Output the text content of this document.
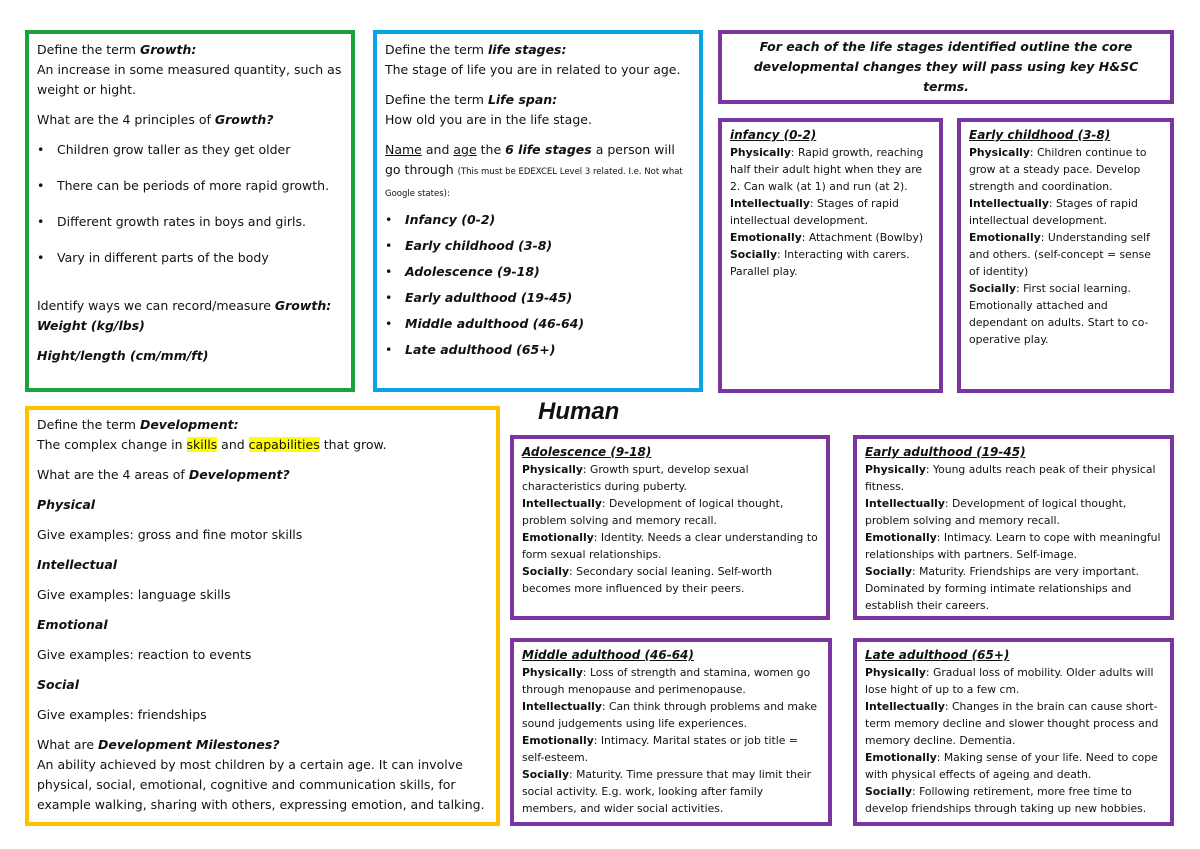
Define the term Growth:

An increase in some measured quantity, such as weight or hight.

What are the 4 principles of Growth?

•	Children grow taller as they get older
•	There can be periods of more rapid growth.
•	Different growth rates in boys and girls.
•	Vary in different parts of the body

Identify ways we can record/measure Growth:

Weight (kg/lbs)

Hight/length (cm/mm/ft)

Define the term life stages:

The stage of life you are in related to your age.

Define the term Life span:

How old you are in the life stage.

Name and age the 6 life stages a person will go through (This must be EDEXCEL Level 3 related. I.e. Not what Google states):

•	Infancy (0-2)
•	Early childhood (3-8)
•	Adolescence (9-18)
•	Early adulthood (19-45)
•	Middle adulthood (46-64)
•	Late adulthood (65+)
For each of the life stages identified outline the core developmental changes they will pass using key H&SC terms.

infancy (0-2)

Physically: Rapid growth, reaching half their adult hight when they are 2. Can walk (at 1) and run (at 2).

Intellectually: Stages of rapid intellectual development.

Emotionally: Attachment (Bowlby)

Socially: Interacting with carers. Parallel play.

Early childhood (3-8)

Physically: Children continue to grow at a steady pace. Develop strength and coordination.

Intellectually: Stages of rapid intellectual development.

Emotionally: Understanding self and others. (self-concept = sense of identity)

Socially: First social learning. Emotionally attached and dependant on adults. Start to co-operative play.

Define the term Development:

The complex change in skills and capabilities that grow.

What are the 4 areas of Development?

Physical

Give examples: gross and fine motor skills

Intellectual

Give examples: language skills

Emotional

Give examples: reaction to events

Social

Give examples: friendships

What are Development Milestones?

An ability achieved by most children by a certain age. It can involve physical, social, emotional, cognitive and communication skills, for example walking, sharing with others, expressing emotion, and talking.

Human

Adolescence (9-18)

Physically: Growth spurt, develop sexual characteristics during puberty.

Intellectually: Development of logical thought, problem solving and memory recall.

Emotionally: Identity. Needs a clear understanding to form sexual relationships.

Socially: Secondary social leaning. Self-worth becomes more influenced by their peers.

Early adulthood (19-45)

Physically: Young adults reach peak of their physical fitness.

Intellectually: Development of logical thought, problem solving and memory recall.

Emotionally: Intimacy. Learn to cope with meaningful relationships with partners. Self-image.

Socially: Maturity. Friendships are very important. Dominated by forming intimate relationships and establish their careers.

Middle adulthood (46-64)

Physically: Loss of strength and stamina, women go through menopause and perimenopause.

Intellectually: Can think through problems and make sound judgements using life experiences.

Emotionally: Intimacy. Marital states or job title = self-esteem.

Socially: Maturity. Time pressure that may limit their social activity. E.g. work, looking after family members, and wider social activities.

Late adulthood (65+)

Physically: Gradual loss of mobility. Older adults will lose hight of up to a few cm.

Intellectually: Changes in the brain can cause short-term memory decline and slower thought process and memory decline. Dementia.

Emotionally: Making sense of your life. Need to cope with physical effects of ageing and death.

Socially: Following retirement, more free time to develop friendships through taking up new hobbies.
